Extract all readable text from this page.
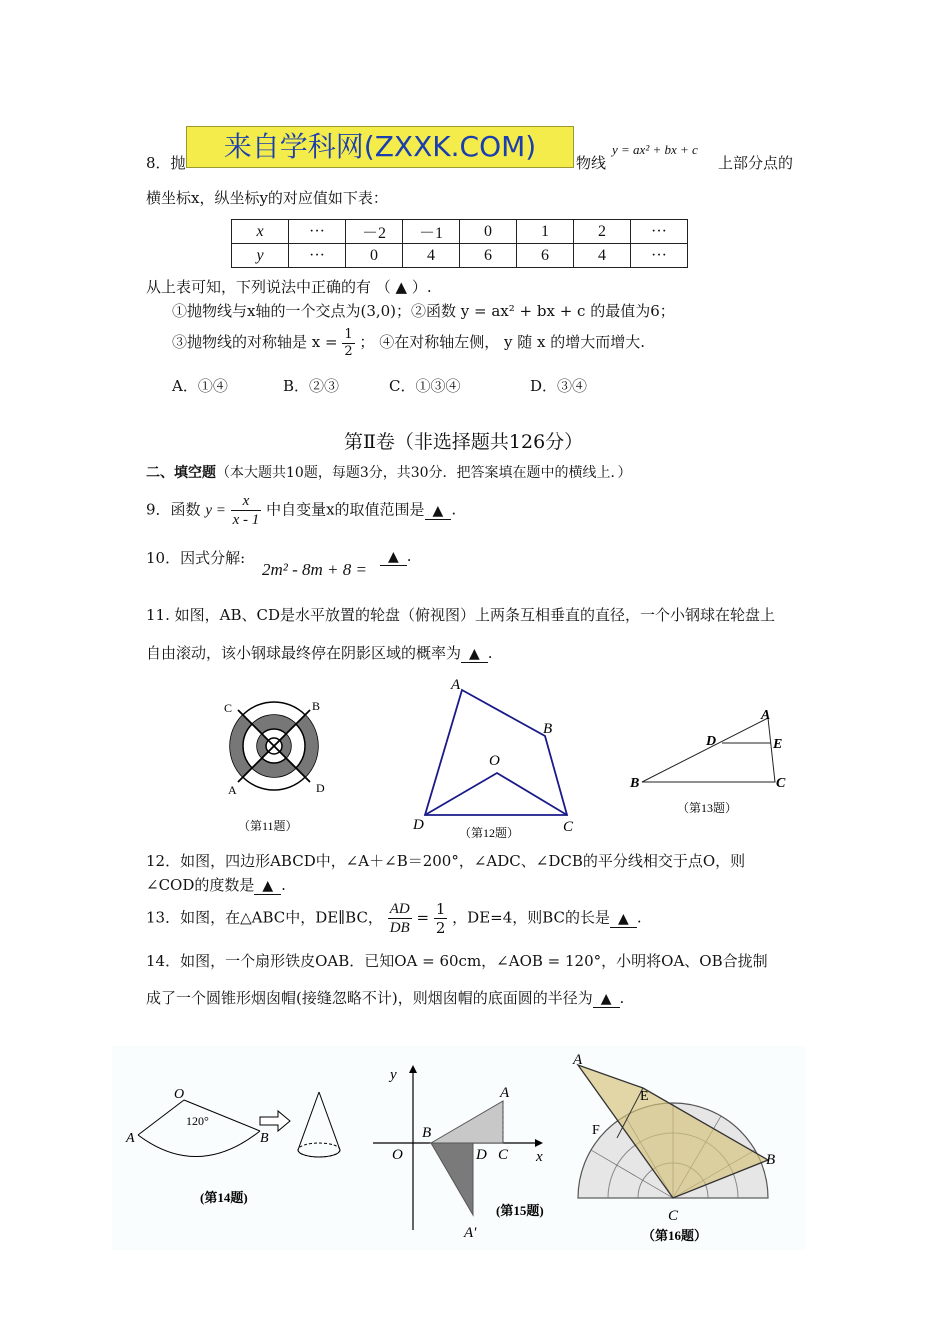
8．抛	来自学科网(ZXXK.COM)	物线
y = ax² + bx + c
上部分点的
横坐标x，纵坐标y的对应值如下表：
x	···	－2	－1	0	1	2	···
y	···	0	4	6	6	4	···
从上表可知，下列说法中正确的有 （ ▲ ）.
①抛物线与x轴的一个交点为(3,0)；②函数 y = ax² + bx + c 的最值为6；
③抛物线的对称轴是 $x = \frac{1}{2}$ ； ④在对称轴左侧， y 随 x 的增大而增大.
A．①④	B．②③	C．①③④	D．③④
第Ⅱ卷（非选择题共126分）
二、填空题（本大题共10题，每题3分，共30分．把答案填在题中的横线上．）
9．函数 $y = \frac{x}{x - 1}$ 中自变量x的取值范围是 ▲ .
10．因式分解:
2m² - 8m + 8 =
▲ .
11. 如图，AB、CD是水平放置的轮盘（俯视图）上两条互相垂直的直径，一个小钢球在轮盘上
自由滚动，该小钢球最终停在阴影区域的概率为 ▲ .
C	B
A	D
（第11题）
A
B
O
D	C
（第12题）
A
D	E
B	C
（第13题）
12．如图，四边形ABCD中，∠A＋∠B＝200°，∠ADC、∠DCB的平分线相交于点O，则
∠COD的度数是 ▲ .
13．如图，在△ABC中，DE∥BC， $\frac{AD}{DB} = \frac{1}{2}$ ，DE=4，则BC的长是 ▲ .
14．如图，一个扇形铁皮OAB．已知OA = 60cm，∠AOB = 120°，小明将OA、OB合拢制
成了一个圆锥形烟囱帽(接缝忽略不计)，则烟囱帽的底面圆的半径为 ▲ .
O
120°
A	B
(第14题)
y
A
B
O	D C x
(第15题)
A′
A
E
F
B
C
（第16题）
